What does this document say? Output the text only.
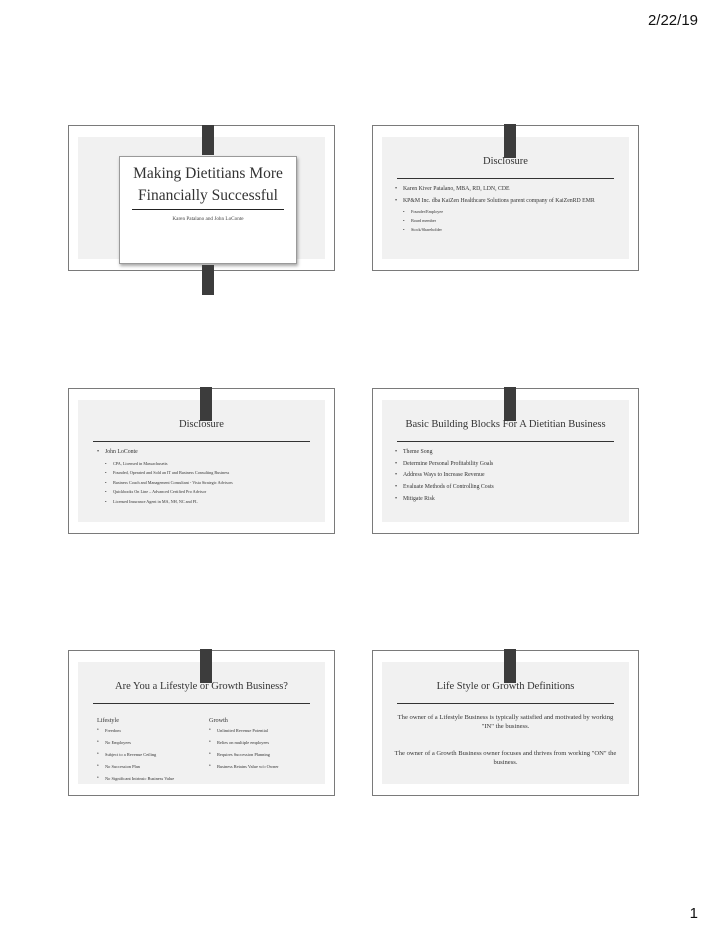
2/22/19
Making Dietitians More
Financially Successful
Karen Patalano and John LoConte
Disclosure
• Karen Kiver Patalano, MBA, RD, LDN, CDE
• KP&M Inc. dba KaiZen Healthcare Solutions parent company of KaiZenRD EMR
• Founder/Employee
• Board member
• Stock/Shareholder
Disclosure
• John LoConte
• CPA, Licensed in Massachusetts
• Founded, Operated and Sold an IT and Business Consulting Business
• Business Coach and Management Consultant - Vista Strategic Advisors
• Quickbooks On Line – Advanced Certified Pro Advisor
• Licensed Insurance Agent in MA, NH, NC and FL
Basic Building Blocks For A Dietitian Business
• Theme Song
• Determine Personal Profitability Goals
• Address Ways to Increase Revenue
• Evaluate Methods of Controlling Costs
• Mitigate Risk
Are You a Lifestyle or Growth Business?
Lifestyle	Growth
• Freedom
• No Employees
• Subject to a Revenue Ceiling
• No Succession Plan
• No Significant Intrinsic Business Value
• Unlimited Revenue Potential
• Relies on multiple employees
• Requires Succession Planning
• Business Retains Value w/o Owner
Life Style or Growth Definitions
The owner of a Lifestyle Business is typically satisfied and motivated by working "IN" the business.
The owner of a Growth Business owner focuses and thrives from working "ON" the business.
1
